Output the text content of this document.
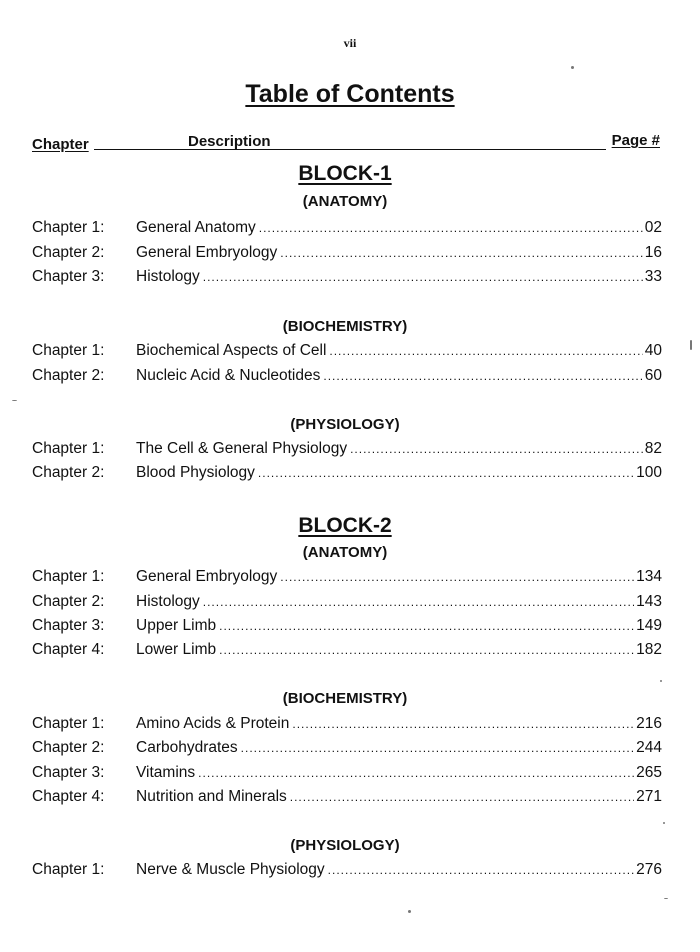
vii
Table of Contents
Chapter	Description	Page #
BLOCK-1
(ANATOMY)
Chapter 1:	General Anatomy .....	02
Chapter 2:	General Embryology .....	16
Chapter 3:	Histology .....	33
(BIOCHEMISTRY)
Chapter 1:	Biochemical Aspects of Cell .....	40
Chapter 2:	Nucleic Acid & Nucleotides .....	60
(PHYSIOLOGY)
Chapter 1:	The Cell & General Physiology .....	82
Chapter 2:	Blood Physiology .....	100
BLOCK-2
(ANATOMY)
Chapter 1:	General Embryology .....	134
Chapter 2:	Histology .....	143
Chapter 3:	Upper Limb .....	149
Chapter 4:	Lower Limb .....	182
(BIOCHEMISTRY)
Chapter 1:	Amino Acids & Protein .....	216
Chapter 2:	Carbohydrates .....	244
Chapter 3:	Vitamins .....	265
Chapter 4:	Nutrition and Minerals .....	271
(PHYSIOLOGY)
Chapter 1:	Nerve & Muscle Physiology .....	276
